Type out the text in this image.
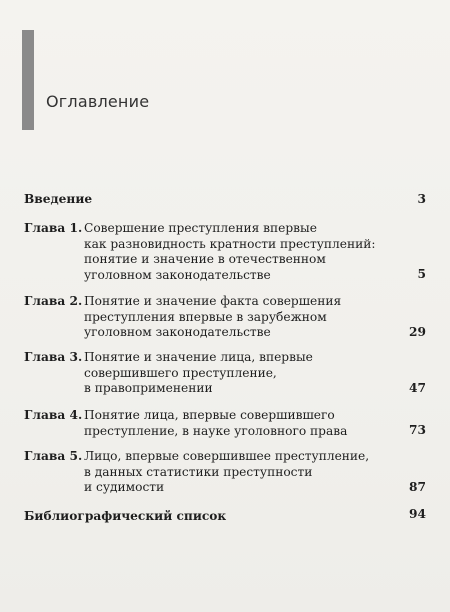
Оглавление
Введение	3
Глава 1. Совершение преступления впервые
как разновидность кратности преступлений:
понятие и значение в отечественном
уголовном законодательстве	5
Глава 2. Понятие и значение факта совершения
преступления впервые в зарубежном
уголовном законодательстве	29
Глава 3. Понятие и значение лица, впервые
совершившего преступление,
в правоприменении	47
Глава 4. Понятие лица, впервые совершившего
преступление, в науке уголовного права	73
Глава 5. Лицо, впервые совершившее преступление,
в данных статистики преступности
и судимости	87
Библиографический список	94
